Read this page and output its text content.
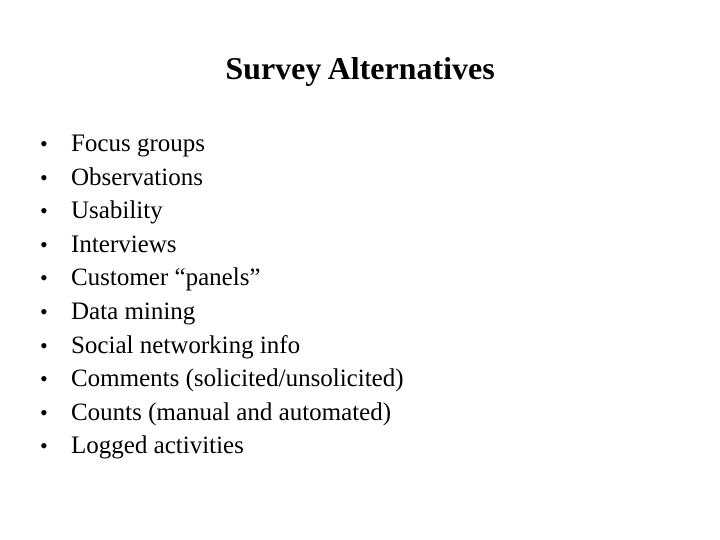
Survey Alternatives
• Focus groups
• Observations
• Usability
• Interviews
• Customer “panels”
• Data mining
• Social networking info
• Comments (solicited/unsolicited)
• Counts (manual and automated)
• Logged activities
